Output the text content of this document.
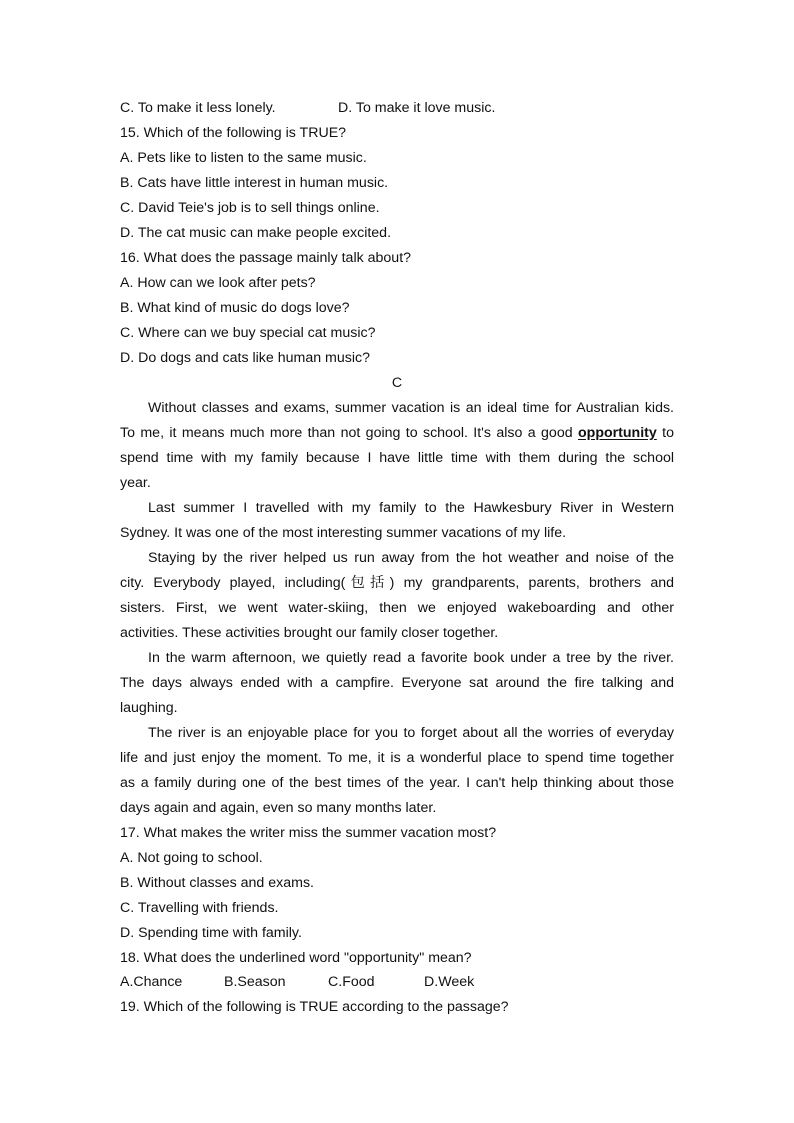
C. To make it less lonely.	D. To make it love music.
15. Which of the following is TRUE?
A. Pets like to listen to the same music.
B. Cats have little interest in human music.
C. David Teie's job is to sell things online.
D. The cat music can make people excited.
16. What does the passage mainly talk about?
A. How can we look after pets?
B. What kind of music do dogs love?
C. Where can we buy special cat music?
D. Do dogs and cats like human music?
C
Without classes and exams, summer vacation is an ideal time for Australian kids.
To me, it means much more than not going to school. It's also a good opportunity to
spend time with my family because I have little time with them during the school
year.
Last summer I travelled with my family to the Hawkesbury River in Western
Sydney. It was one of the most interesting summer vacations of my life.
Staying by the river helped us run away from the hot weather and noise of the
city. Everybody played, including(包括) my grandparents, parents, brothers and
sisters. First, we went water-skiing, then we enjoyed wakeboarding and other
activities. These activities brought our family closer together.
In the warm afternoon, we quietly read a favorite book under a tree by the river.
The days always ended with a campfire. Everyone sat around the fire talking and
laughing.
The river is an enjoyable place for you to forget about all the worries of everyday
life and just enjoy the moment. To me, it is a wonderful place to spend time together
as a family during one of the best times of the year. I can't help thinking about those
days again and again, even so many months later.
17. What makes the writer miss the summer vacation most?
A. Not going to school.
B. Without classes and exams.
C. Travelling with friends.
D. Spending time with family.
18. What does the underlined word "opportunity" mean?
A.Chance	B.Season	C.Food	D.Week
19. Which of the following is TRUE according to the passage?
